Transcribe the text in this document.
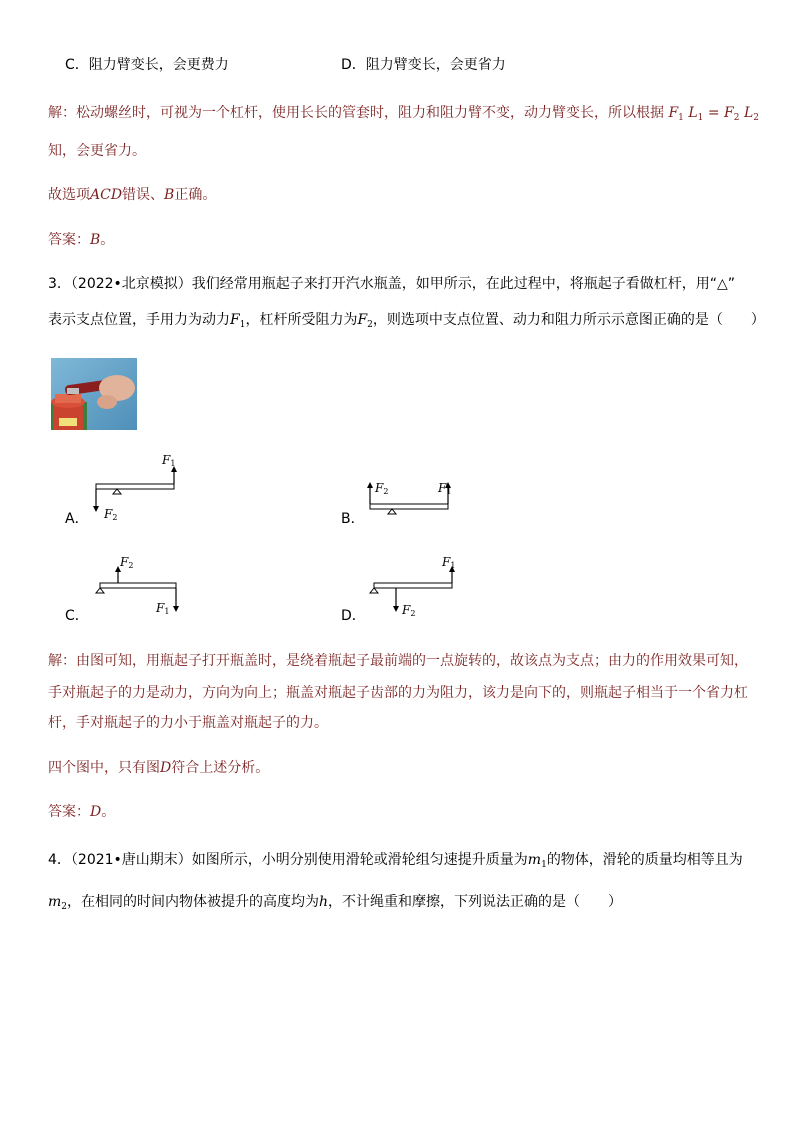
C．阻力臂变长，会更费力	D．阻力臂变长，会更省力
解：松动螺丝时，可视为一个杠杆，使用长长的管套时，阻力和阻力臂不变，动力臂变长，所以根据 $F_1$ $L_1 = F_2$ $L_2$
知，会更省力。
故选项ACD错误、B正确。
答案：B。
3．（2022•北京模拟）我们经常用瓶起子来打开汽水瓶盖，如甲所示，在此过程中，将瓶起子看做杠杆，用“△”
表示支点位置，手用力为动力$F_1$，杠杆所受阻力为$F_2$，则选项中支点位置、动力和阻力所示示意图正确的是（　　）
F1
F2
A．
F2	F1
B．
F2
F1
C．
F1
F2
D．
解：由图可知，用瓶起子打开瓶盖时，是绕着瓶起子最前端的一点旋转的，故该点为支点；由力的作用效果可知，
手对瓶起子的力是动力，方向为向上；瓶盖对瓶起子齿部的力为阻力，该力是向下的，则瓶起子相当于一个省力杠
杆，手对瓶起子的力小于瓶盖对瓶起子的力。
四个图中，只有图D符合上述分析。
答案：D。
4．（2021•唐山期末）如图所示，小明分别使用滑轮或滑轮组匀速提升质量为$m_1$的物体，滑轮的质量均相等且为
$m_2$，在相同的时间内物体被提升的高度均为h，不计绳重和摩擦，下列说法正确的是（　　）
